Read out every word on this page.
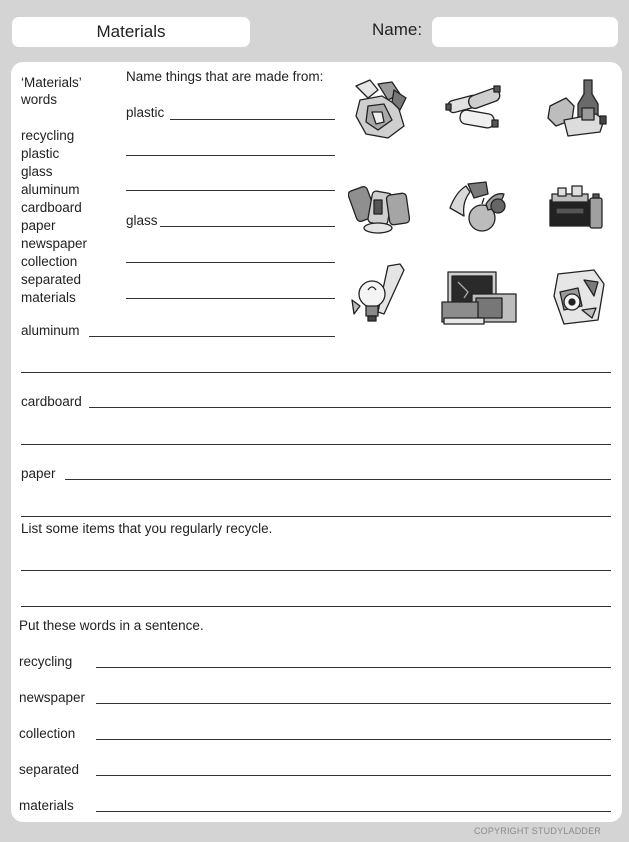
Materials	Name:
‘Materials’
words
recycling
plastic
glass
aluminum
cardboard
paper
newspaper
collection
separated
materials
Name things that are made from:
plastic
glass
aluminum
cardboard
paper
List some items that you regularly recycle.
Put these words in a sentence.
recycling
newspaper
collection
separated
materials
COPYRIGHT STUDYLADDER
